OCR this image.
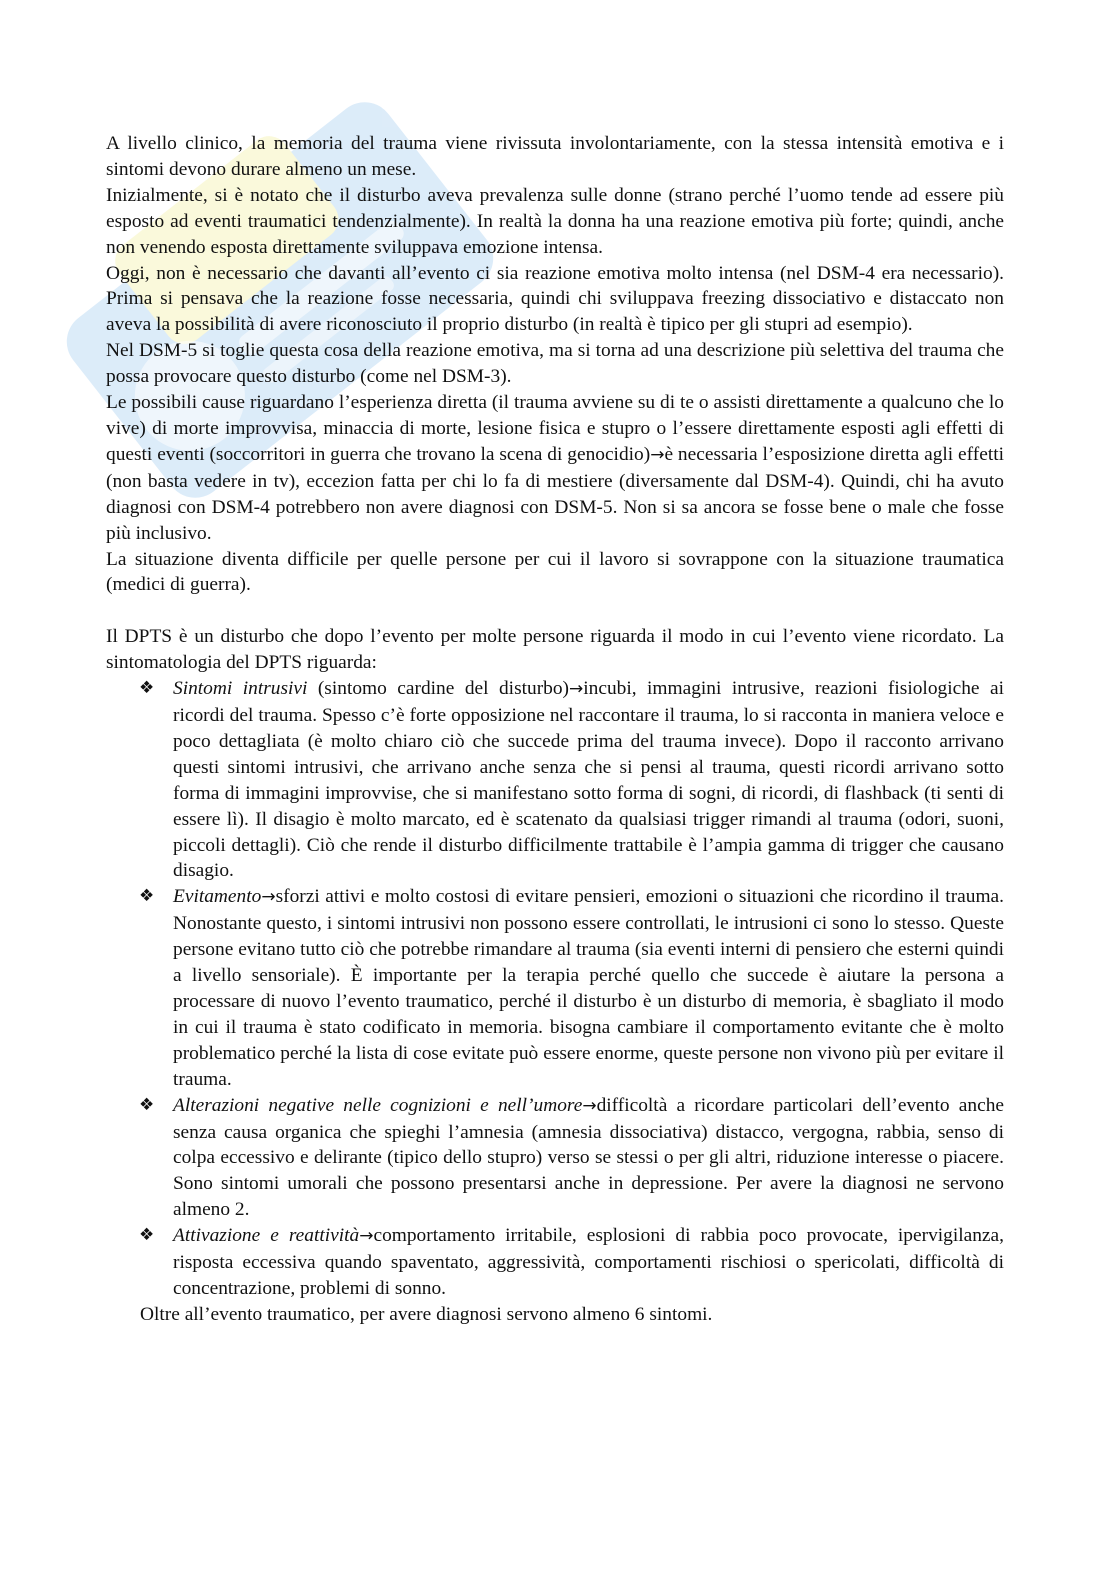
A livello clinico, la memoria del trauma viene rivissuta involontariamente, con la stessa intensità emotiva e i sintomi devono durare almeno un mese.

Inizialmente, si è notato che il disturbo aveva prevalenza sulle donne (strano perché l’uomo tende ad essere più esposto ad eventi traumatici tendenzialmente). In realtà la donna ha una reazione emotiva più forte; quindi, anche non venendo esposta direttamente sviluppava emozione intensa.

Oggi, non è necessario che davanti all’evento ci sia reazione emotiva molto intensa (nel DSM-4 era necessario). Prima si pensava che la reazione fosse necessaria, quindi chi sviluppava freezing dissociativo e distaccato non aveva la possibilità di avere riconosciuto il proprio disturbo (in realtà è tipico per gli stupri ad esempio).

Nel DSM-5 si toglie questa cosa della reazione emotiva, ma si torna ad una descrizione più selettiva del trauma che possa provocare questo disturbo (come nel DSM-3).

Le possibili cause riguardano l’esperienza diretta (il trauma avviene su di te o assisti direttamente a qualcuno che lo vive) di morte improvvisa, minaccia di morte, lesione fisica e stupro o l’essere direttamente esposti agli effetti di questi eventi (soccorritori in guerra che trovano la scena di genocidio)→è necessaria l’esposizione diretta agli effetti (non basta vedere in tv), eccezion fatta per chi lo fa di mestiere (diversamente dal DSM-4). Quindi, chi ha avuto diagnosi con DSM-4 potrebbero non avere diagnosi con DSM-5. Non si sa ancora se fosse bene o male che fosse più inclusivo.

La situazione diventa difficile per quelle persone per cui il lavoro si sovrappone con la situazione traumatica (medici di guerra).

Il DPTS è un disturbo che dopo l’evento per molte persone riguarda il modo in cui l’evento viene ricordato. La sintomatologia del DPTS riguarda:

❖ Sintomi intrusivi (sintomo cardine del disturbo)→incubi, immagini intrusive, reazioni fisiologiche ai ricordi del trauma. Spesso c’è forte opposizione nel raccontare il trauma, lo si racconta in maniera veloce e poco dettagliata (è molto chiaro ciò che succede prima del trauma invece). Dopo il racconto arrivano questi sintomi intrusivi, che arrivano anche senza che si pensi al trauma, questi ricordi arrivano sotto forma di immagini improvvise, che si manifestano sotto forma di sogni, di ricordi, di flashback (ti senti di essere lì). Il disagio è molto marcato, ed è scatenato da qualsiasi trigger rimandi al trauma (odori, suoni, piccoli dettagli). Ciò che rende il disturbo difficilmente trattabile è l’ampia gamma di trigger che causano disagio.
❖ Evitamento→sforzi attivi e molto costosi di evitare pensieri, emozioni o situazioni che ricordino il trauma. Nonostante questo, i sintomi intrusivi non possono essere controllati, le intrusioni ci sono lo stesso. Queste persone evitano tutto ciò che potrebbe rimandare al trauma (sia eventi interni di pensiero che esterni quindi a livello sensoriale). È importante per la terapia perché quello che succede è aiutare la persona a processare di nuovo l’evento traumatico, perché il disturbo è un disturbo di memoria, è sbagliato il modo in cui il trauma è stato codificato in memoria. bisogna cambiare il comportamento evitante che è molto problematico perché la lista di cose evitate può essere enorme, queste persone non vivono più per evitare il trauma.
❖ Alterazioni negative nelle cognizioni e nell’umore→difficoltà a ricordare particolari dell’evento anche senza causa organica che spieghi l’amnesia (amnesia dissociativa) distacco, vergogna, rabbia, senso di colpa eccessivo e delirante (tipico dello stupro) verso se stessi o per gli altri, riduzione interesse o piacere. Sono sintomi umorali che possono presentarsi anche in depressione. Per avere la diagnosi ne servono almeno 2.
❖ Attivazione e reattività→comportamento irritabile, esplosioni di rabbia poco provocate, ipervigilanza, risposta eccessiva quando spaventato, aggressività, comportamenti rischiosi o spericolati, difficoltà di concentrazione, problemi di sonno.

Oltre all’evento traumatico, per avere diagnosi servono almeno 6 sintomi.
